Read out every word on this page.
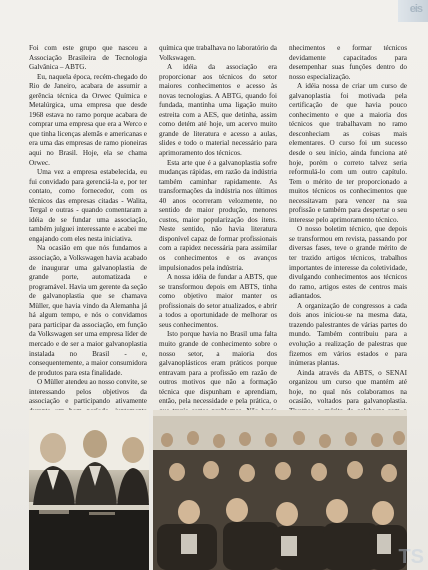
eis

Foi com este grupo que nasceu a Associação Brasileira de Tecnologia Galvânica – ABTG.

Eu, naquela época, recém-chegado do Rio de Janeiro, acabara de assumir a gerência técnica da Orwec Química e Metalúrgica, uma empresa que desde 1968 estava no ramo porque acabara de comprar uma empresa que era a Werco e que tinha licenças alemãs e americanas e era uma das empresas de ramo pioneiras aqui no Brasil. Hoje, ela se chama Orwec.

Uma vez a empresa estabelecida, eu fui convidado para gerenciá-la e, por ter contato, como fornecedor, com os técnicos das empresas citadas - Walita, Tergal e outras - quando comentaram a idéia de se fundar uma associação, também julguei interessante e acabei me engajando com eles nesta iniciativa.

Na ocasião em que nós fundamos a associação, a Volkswagen havia acabado de inaugurar uma galvanoplastia de grande porte, automatizada e programável. Havia um gerente da seção de galvanoplastia que se chamava Müller, que havia vindo da Alemanha já há algum tempo, e nós o convidamos para participar da associação, em função da Volkswagen ser uma empresa líder de mercado e de ser a maior galvanoplastia instalada no Brasil - e, consequentemente, a maior consumidora de produtos para esta finalidade.

O Müller atendeu ao nosso convite, se interessando pelos objetivos da associação e participando ativamente

química que trabalhava no laboratório da Volkswagen.

A idéia da associação era proporcionar aos técnicos do setor maiores conhecimentos e acesso às novas tecnologias. A ABTG, quando foi fundada, mantinha uma ligação muito estreita com a AES, que detinha, assim como detém até hoje, um acervo muito grande de literatura e acesso a aulas, slides e todo o material necessário para aprimoramento dos técnicos.

Esta arte que é a galvanoplastia sofre mudanças rápidas, em razão da indústria também caminhar rapidamente. As transformações da indústria nos últimos 40 anos ocorreram velozmente, no sentido de maior produção, menores custos, maior popularização dos itens. Neste sentido, não havia literatura disponível capaz de formar profissionais com a rapidez necessária para assimilar os conhecimentos e os avanços impulsionados pela indústria.

A nossa idéia de fundar a ABTS, que se transformou depois em ABTS, tinha como objetivo maior manter os profissionais do setor atualizados, e abrir a todos a oportunidade de melhorar os seus conhecimentos.

Isto porque havia no Brasil uma falta muito grande de conhecimento sobre o nosso setor, a maioria dos galvanoplásticos eram práticos porque entravam para a profissão em razão de outros motivos que não a formação técnica que dispunham e aprendiam, então, pela necessidade e pela prática, o

nhecimentos e formar técnicos devidamente capacitados para desempenhar suas funções dentro do nosso especialização.

A idéia nossa de criar um curso de galvanoplastia foi motivada pela certificação de que havia pouco conhecimento e que a maioria dos técnicos que trabalhavam no ramo desconheciam as coisas mais elementares. O curso foi um sucesso desde o seu início, ainda funciona até hoje, porém o correto talvez seria reformulá-lo com um outro capítulo. Tem o mérito de ter proporcionado a muitos técnicos os conhecimentos que necessitavam para vencer na sua profissão e também para despertar o seu interesse pelo aprimoramento técnico.

O nosso boletim técnico, que depois se transformou em revista, passando por diversas fases, teve o grande mérito de ter trazido artigos técnicos, trabalhos importantes de interesse da coletividade, divulgando conhecimentos aos técnicos do ramo, artigos estes de centros mais adiantados.

A organização de congressos a cada dois anos iniciou-se na mesma data, trazendo palestrantes de várias partes do mundo. Também contribuiu para a evolução a realização de palestras que fizemos em vários estados e para inúmeras plantas.

Ainda através da ABTS, o SENAI organizou um curso que mantém até hoje, no qual nós colaboramos na ocasião, voltados para galvanoplastia.

TS
